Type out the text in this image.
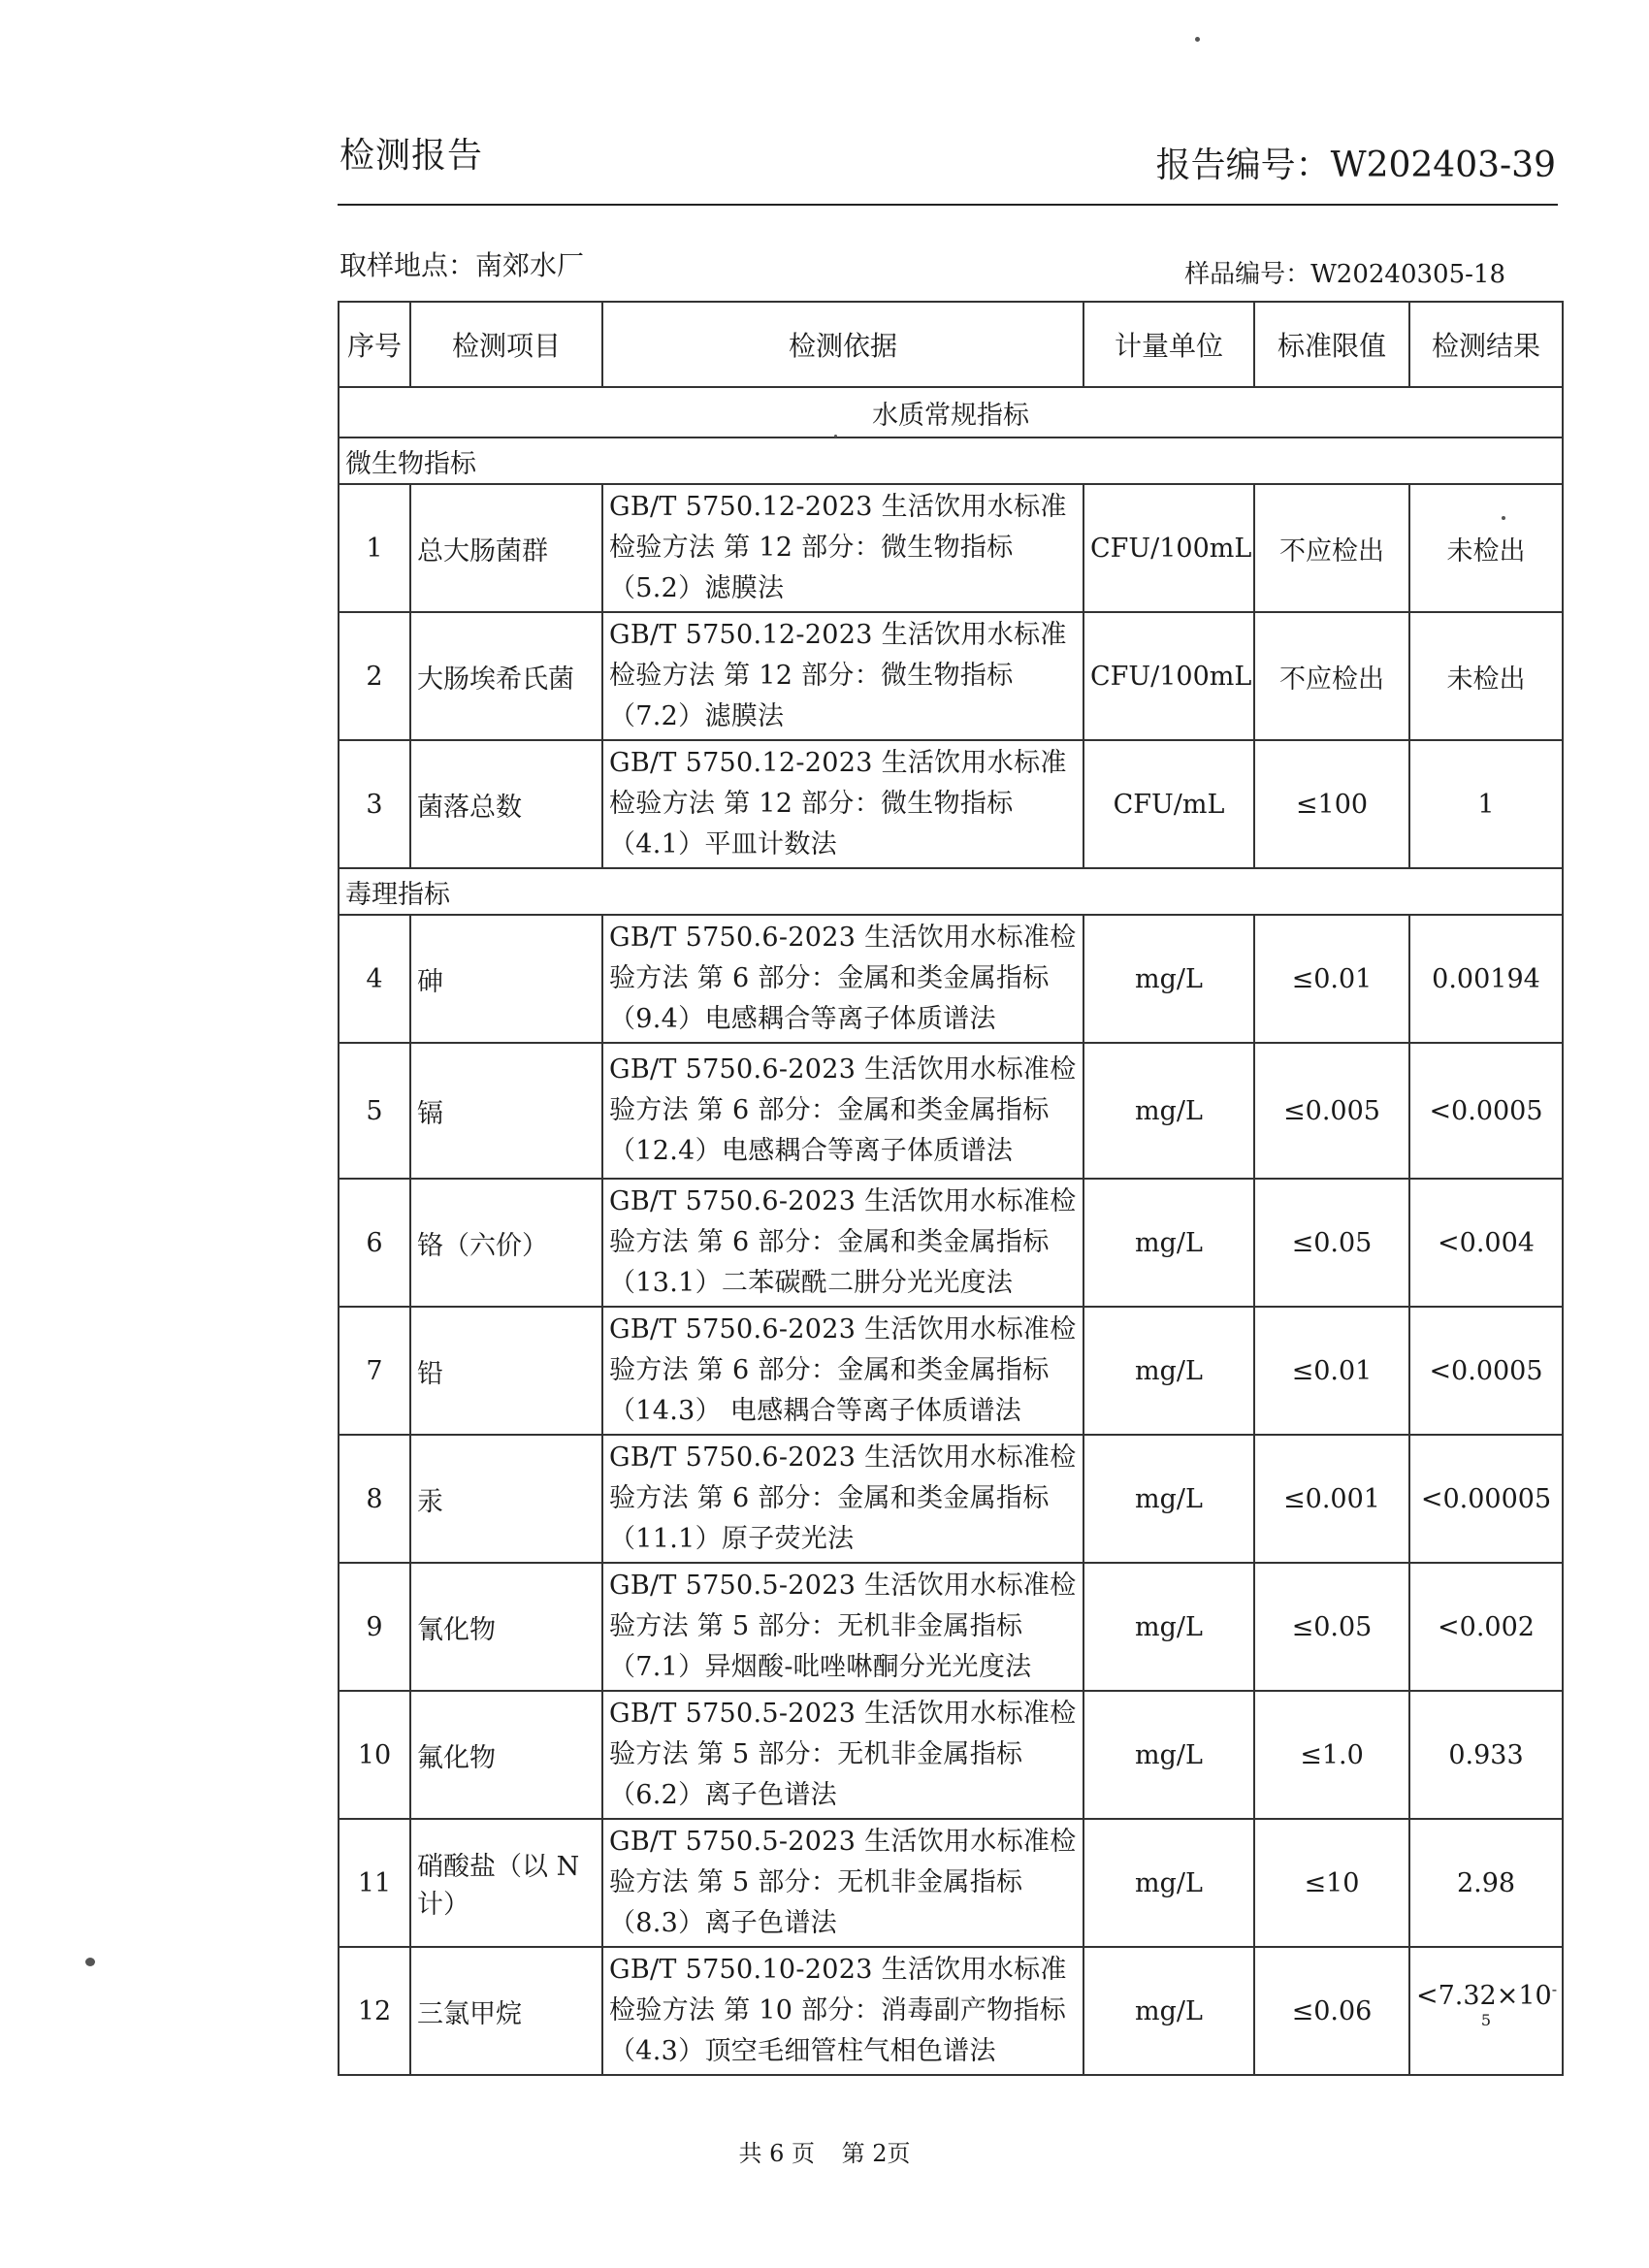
检测报告	报告编号：W202403-39
取样地点：南郊水厂	样品编号：W20240305-18
序号	检测项目	检测依据	计量单位	标准限值	检测结果
水质常规指标					
微生物指标					
1	总大肠菌群	GB/T 5750.12-2023 生活饮用水标准检验方法 第 12 部分：微生物指标（5.2）滤膜法	CFU/100mL	不应检出	未检出
2	大肠埃希氏菌	GB/T 5750.12-2023 生活饮用水标准检验方法 第 12 部分：微生物指标（7.2）滤膜法	CFU/100mL	不应检出	未检出
3	菌落总数	GB/T 5750.12-2023 生活饮用水标准检验方法 第 12 部分：微生物指标（4.1）平皿计数法	CFU/mL	≤100	1
毒理指标					
4	砷	GB/T 5750.6-2023 生活饮用水标准检验方法 第 6 部分：金属和类金属指标（9.4）电感耦合等离子体质谱法	mg/L	≤0.01	0.00194
5	镉	GB/T 5750.6-2023 生活饮用水标准检验方法 第 6 部分：金属和类金属指标（12.4）电感耦合等离子体质谱法	mg/L	≤0.005	<0.0005
6	铬（六价）	GB/T 5750.6-2023 生活饮用水标准检验方法 第 6 部分：金属和类金属指标（13.1）二苯碳酰二肼分光光度法	mg/L	≤0.05	<0.004
7	铅	GB/T 5750.6-2023 生活饮用水标准检验方法 第 6 部分：金属和类金属指标（14.3） 电感耦合等离子体质谱法	mg/L	≤0.01	<0.0005
8	汞	GB/T 5750.6-2023 生活饮用水标准检验方法 第 6 部分：金属和类金属指标（11.1）原子荧光法	mg/L	≤0.001	<0.00005
9	氰化物	GB/T 5750.5-2023 生活饮用水标准检验方法 第 5 部分：无机非金属指标（7.1）异烟酸-吡唑啉酮分光光度法	mg/L	≤0.05	<0.002
10	氟化物	GB/T 5750.5-2023 生活饮用水标准检验方法 第 5 部分：无机非金属指标（6.2）离子色谱法	mg/L	≤1.0	0.933
11	硝酸盐（以 N 计）	GB/T 5750.5-2023 生活饮用水标准检验方法 第 5 部分：无机非金属指标（8.3）离子色谱法	mg/L	≤10	2.98
12	三氯甲烷	GB/T 5750.10-2023 生活饮用水标准检验方法 第 10 部分：消毒副产物指标（4.3）顶空毛细管柱气相色谱法	mg/L	≤0.06	$<7.32\times 10^{-5}$
共 6 页 第 2页
